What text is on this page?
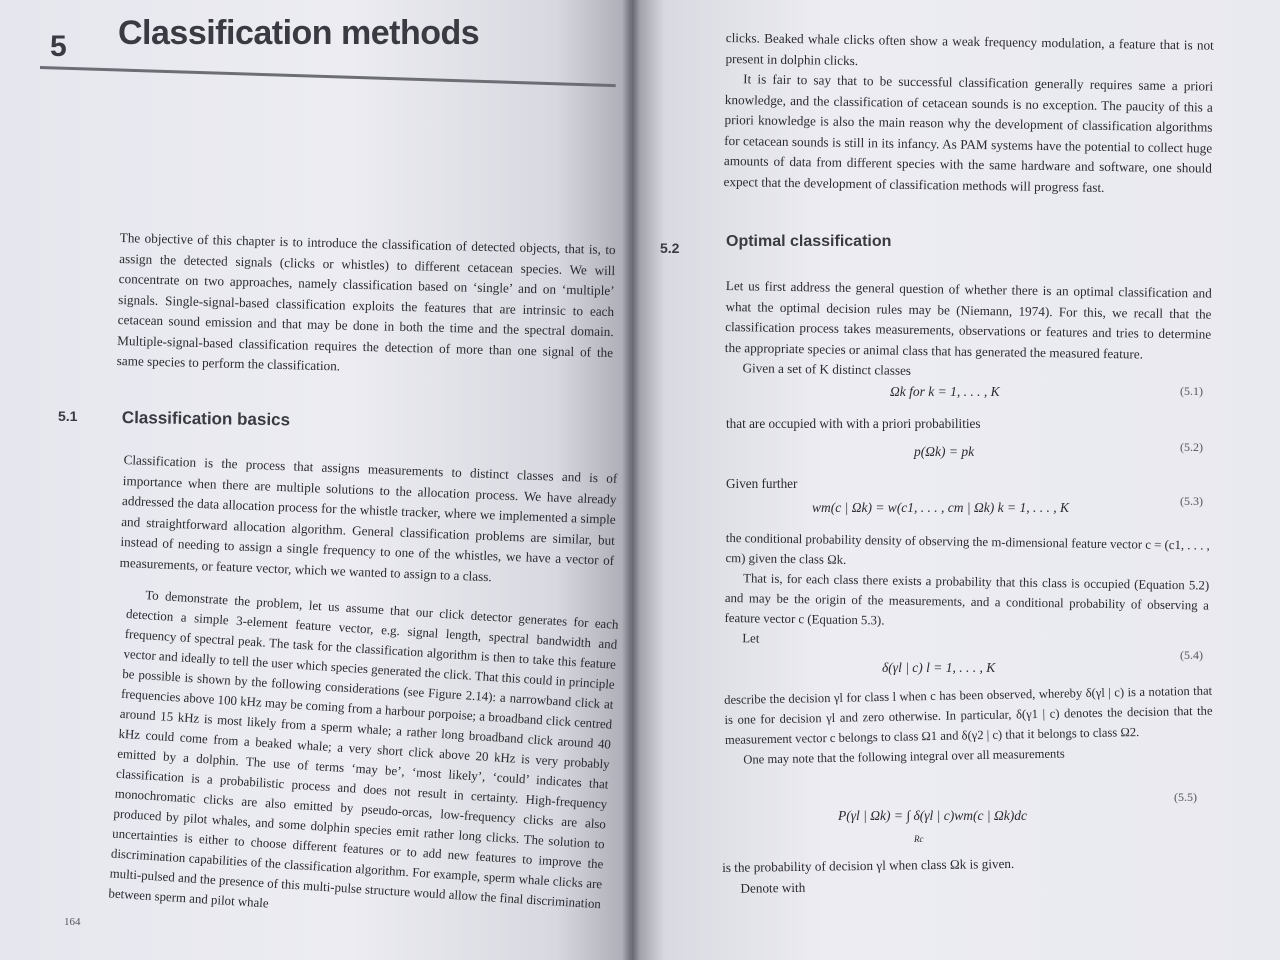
5 Classification methods

The objective of this chapter is to introduce the classification of detected objects, that is, to assign the detected signals (clicks or whistles) to different cetacean species. We will concentrate on two approaches, namely classification based on ‘single’ and on ‘multiple’ signals. Single-signal-based classification exploits the features that are intrinsic to each cetacean sound emission and that may be done in both the time and the spectral domain. Multiple-signal-based classification requires the detection of more than one signal of the same species to perform the classification.

5.1	Classification basics

Classification is the process that assigns measurements to distinct classes and is of importance when there are multiple solutions to the allocation process. We have already addressed the data allocation process for the whistle tracker, where we implemented a simple and straightforward allocation algorithm. General classification problems are similar, but instead of needing to assign a single frequency to one of the whistles, we have a vector of measurements, or feature vector, which we wanted to assign to a class.

To demonstrate the problem, let us assume that our click detector generates for each detection a simple 3-element feature vector, e.g. signal length, spectral bandwidth and frequency of spectral peak. The task for the classification algorithm is then to take this feature vector and ideally to tell the user which species generated the click. That this could in principle be possible is shown by the following considerations (see Figure 2.14): a narrowband click at frequencies above 100 kHz may be coming from a harbour porpoise; a broadband click centred around 15 kHz is most likely from a sperm whale; a rather long broadband click around 40 kHz could come from a beaked whale; a very short click above 20 kHz is very probably emitted by a dolphin. The use of terms ‘may be’, ‘most likely’, ‘could’ indicates that classification is a probabilistic process and does not result in certainty. High-frequency monochromatic clicks are also emitted by pseudo-orcas, low-frequency clicks are also produced by pilot whales, and some dolphin species emit rather long clicks. The solution to uncertainties is either to choose different features or to add new features to improve the discrimination capabilities of the classification algorithm. For example, sperm whale clicks are multi-pulsed and the presence of this multi-pulse structure would allow the final discrimination between sperm and pilot whale

164

clicks. Beaked whale clicks often show a weak frequency modulation, a feature that is not present in dolphin clicks.

It is fair to say that to be successful classification generally requires same a priori knowledge, and the classification of cetacean sounds is no exception. The paucity of this a priori knowledge is also the main reason why the development of classification algorithms for cetacean sounds is still in its infancy. As PAM systems have the potential to collect huge amounts of data from different species with the same hardware and software, one should expect that the development of classification methods will progress fast.

5.2	Optimal classification

Let us first address the general question of whether there is an optimal classification and what the optimal decision rules may be (Niemann, 1974). For this, we recall that the classification process takes measurements, observations or features and tries to determine the appropriate species or animal class that has generated the measured feature.

Given a set of K distinct classes

Ωk for k = 1, . . . , K	(5.1)

that are occupied with with a priori probabilities

p(Ωk) = pk	(5.2)

Given further

wm(c | Ωk) = w(c1, . . . , cm | Ωk) k = 1, . . . , K	(5.3)

the conditional probability density of observing the m-dimensional feature vector c = (c1, . . . , cm) given the class Ωk.

That is, for each class there exists a probability that this class is occupied (Equation 5.2) and may be the origin of the measurements, and a conditional probability of observing a feature vector c (Equation 5.3).

Let

δ(γl | c) l = 1, . . . , K
(5.4)

describe the decision γl for class l when c has been observed, whereby δ(γl | c) is a notation that is one for decision γl and zero otherwise. In particular, δ(γ1 | c) denotes the decision that the measurement vector c belongs to class Ω1 and δ(γ2 | c) that it belongs to class Ω2.

One may note that the following integral over all measurements

P(γl | Ωk) = ∫ δ(γl | c)wm(c | Ωk)dc
Rc
(5.5)

is the probability of decision γl when class Ωk is given.

Denote with
